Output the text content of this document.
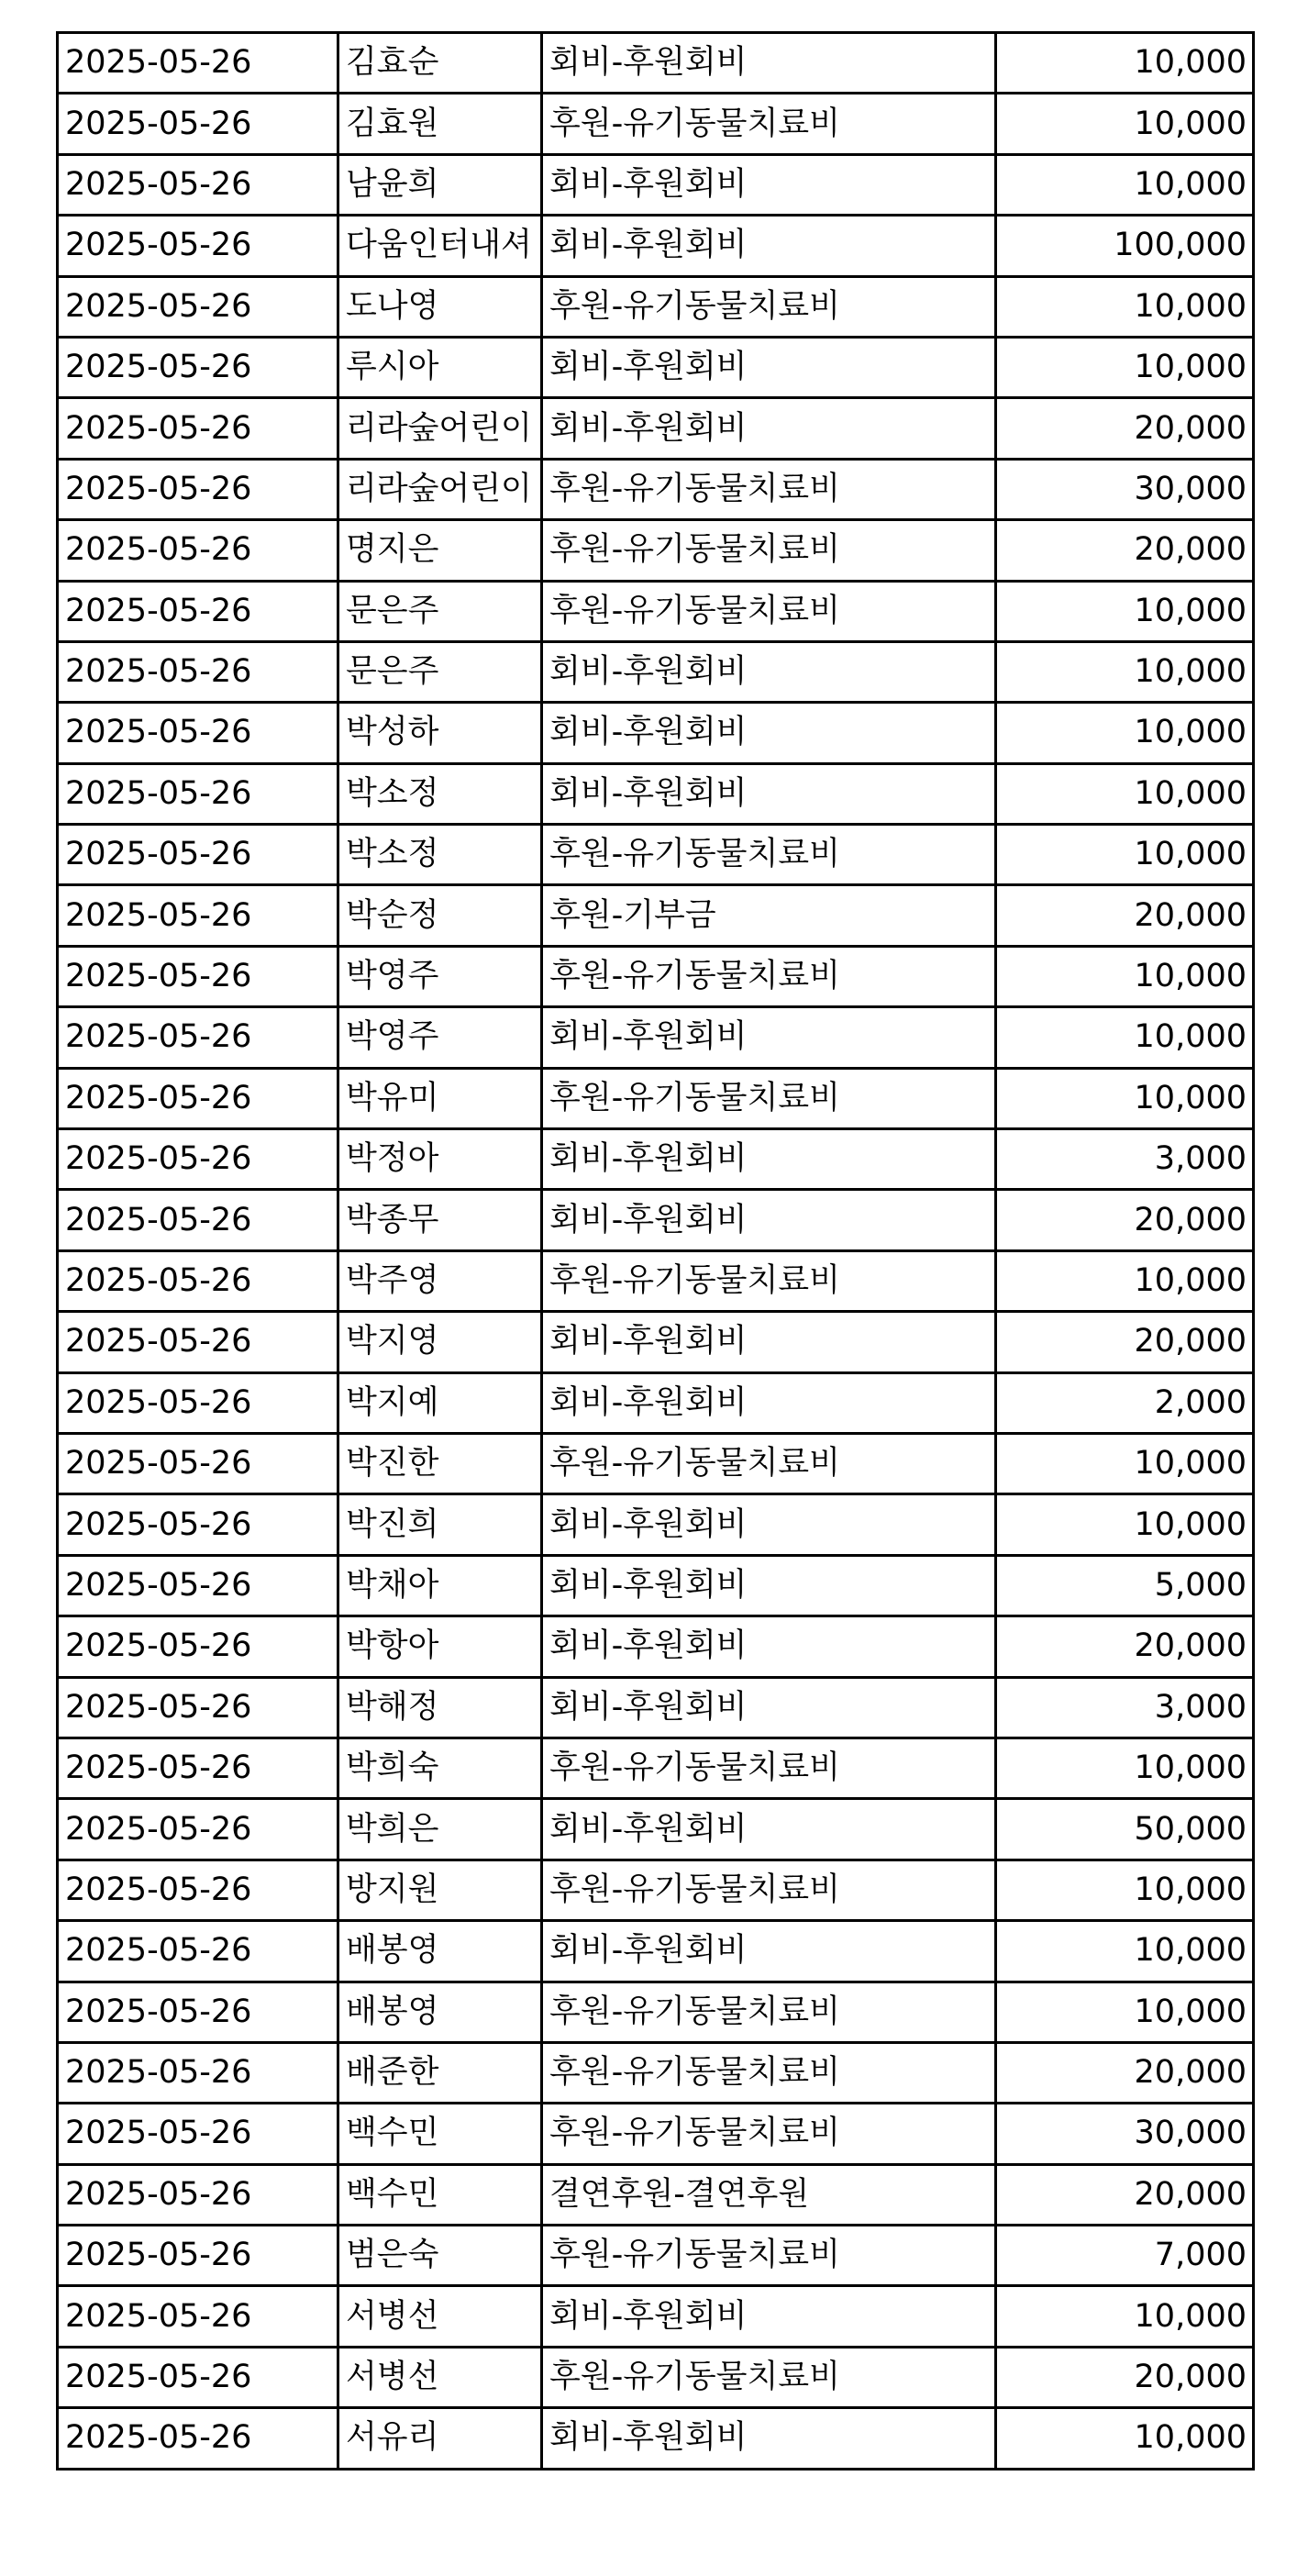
2025-05-26	김효순	회비-후원회비	10,000
2025-05-26	김효원	후원-유기동물치료비	10,000
2025-05-26	남윤희	회비-후원회비	10,000
2025-05-26	다움인터내셔	회비-후원회비	100,000
2025-05-26	도나영	후원-유기동물치료비	10,000
2025-05-26	루시아	회비-후원회비	10,000
2025-05-26	리라숲어린이	회비-후원회비	20,000
2025-05-26	리라숲어린이	후원-유기동물치료비	30,000
2025-05-26	명지은	후원-유기동물치료비	20,000
2025-05-26	문은주	후원-유기동물치료비	10,000
2025-05-26	문은주	회비-후원회비	10,000
2025-05-26	박성하	회비-후원회비	10,000
2025-05-26	박소정	회비-후원회비	10,000
2025-05-26	박소정	후원-유기동물치료비	10,000
2025-05-26	박순정	후원-기부금	20,000
2025-05-26	박영주	후원-유기동물치료비	10,000
2025-05-26	박영주	회비-후원회비	10,000
2025-05-26	박유미	후원-유기동물치료비	10,000
2025-05-26	박정아	회비-후원회비	3,000
2025-05-26	박종무	회비-후원회비	20,000
2025-05-26	박주영	후원-유기동물치료비	10,000
2025-05-26	박지영	회비-후원회비	20,000
2025-05-26	박지예	회비-후원회비	2,000
2025-05-26	박진한	후원-유기동물치료비	10,000
2025-05-26	박진희	회비-후원회비	10,000
2025-05-26	박채아	회비-후원회비	5,000
2025-05-26	박항아	회비-후원회비	20,000
2025-05-26	박해정	회비-후원회비	3,000
2025-05-26	박희숙	후원-유기동물치료비	10,000
2025-05-26	박희은	회비-후원회비	50,000
2025-05-26	방지원	후원-유기동물치료비	10,000
2025-05-26	배봉영	회비-후원회비	10,000
2025-05-26	배봉영	후원-유기동물치료비	10,000
2025-05-26	배준한	후원-유기동물치료비	20,000
2025-05-26	백수민	후원-유기동물치료비	30,000
2025-05-26	백수민	결연후원-결연후원	20,000
2025-05-26	범은숙	후원-유기동물치료비	7,000
2025-05-26	서병선	회비-후원회비	10,000
2025-05-26	서병선	후원-유기동물치료비	20,000
2025-05-26	서유리	회비-후원회비	10,000
